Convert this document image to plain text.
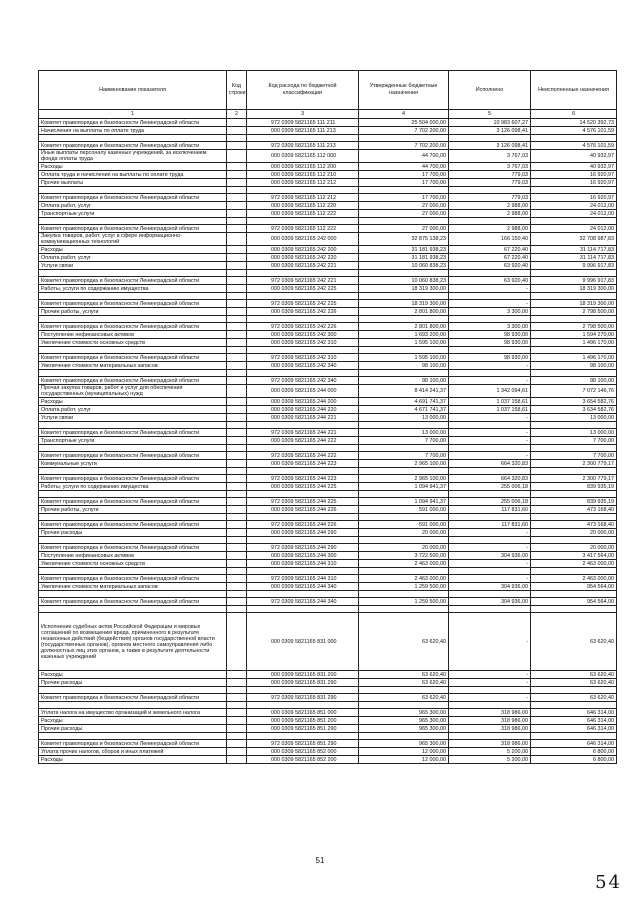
Наименование показателя	Код строки	Код расхода по бюджетной классификации	Утвержденные бюджетные назначения	Исполнено	Неисполненные назначения
1	2	3	4	5	6
Комитет правопорядка и безопасности Ленинградской области		972 0309 5821165 111 211	25 504 000,00	10 983 607,27	14 520 392,73
Начисления на выплаты по оплате труда		000 0309 5821165 111 213	7 702 200,00	3 126 098,41	4 576 101,59

Комитет правопорядка и безопасности Ленинградской области		972 0309 5821165 111 213	7 702 200,00	3 126 098,41	4 576 101,59
Иные выплаты персоналу казенных учреждений, за исключением фонда оплаты труда		000 0309 5821165 112 000	44 700,00	3 767,03	40 932,97
Расходы		000 0309 5821165 112 200	44 700,00	3 767,03	40 932,97
Оплата труда и начисления на выплаты по оплате труда		000 0309 5821165 112 210	17 700,00	779,03	16 920,97
Прочие выплаты		000 0309 5821165 112 212	17 700,00	779,03	16 920,97

Комитет правопорядка и безопасности Ленинградской области		972 0309 5821165 112 212	17 700,00	779,03	16 920,97
Оплата работ, услуг		000 0309 5821165 112 220	27 000,00	2 988,00	24 012,00
Транспортные услуги		000 0309 5821165 112 222	27 000,00	2 988,00	24 012,00

Комитет правопорядка и безопасности Ленинградской области		972 0309 5821165 112 222	27 000,00	2 988,00	24 012,00
Закупка товаров, работ, услуг в сфере информационно-коммуникационных технологий		000 0309 5821165 242 000	32 875 138,23	166 150,40	32 708 987,83
Расходы		000 0309 5821165 242 200	31 181 938,23	67 220,40	31 114 717,83
Оплата работ, услуг		000 0309 5821165 242 220	31 181 938,23	67 220,40	31 114 717,83
Услуги связи		000 0309 5821165 242 221	10 060 838,23	63 920,40	9 996 917,83

Комитет правопорядка и безопасности Ленинградской области		972 0309 5821165 242 221	10 060 838,23	63 920,40	9 996 917,83
Работы, услуги по содержанию имущества		000 0309 5821165 242 225	18 319 300,00	-	18 319 300,00

Комитет правопорядка и безопасности Ленинградской области		972 0309 5821165 242 225	18 319 300,00	-	18 319 300,00
Прочие работы, услуги		000 0309 5821165 242 226	2 801 800,00	3 300,00	2 798 500,00

Комитет правопорядка и безопасности Ленинградской области		972 0309 5821165 242 226	2 801 800,00	3 300,00	2 798 500,00
Поступление нефинансовых активов		000 0309 5821165 242 300	1 693 200,00	98 930,00	1 594 270,00
Увеличение стоимости основных средств		000 0309 5821165 242 310	1 595 100,00	98 930,00	1 496 170,00

Комитет правопорядка и безопасности Ленинградской области		972 0309 5821165 242 310	1 595 100,00	98 930,00	1 496 170,00
Увеличение стоимости материальных запасов		000 0309 5821165 242 340	98 100,00	-	98 100,00

Комитет правопорядка и безопасности Ленинградской области		972 0309 5821165 242 340	98 100,00	-	98 100,00
Прочая закупка товаров, работ и услуг для обеспечения государственных (муниципальных) нужд		000 0309 5821165 244 000	8 414 241,37	1 342 094,61	7 072 146,76
Расходы		000 0309 5821165 244 200	4 691 741,37	1 037 158,61	3 654 582,76
Оплата работ, услуг		000 0309 5821165 244 220	4 671 741,37	1 037 158,61	3 634 582,76
Услуги связи		000 0309 5821165 244 221	13 000,00	-	13 000,00

Комитет правопорядка и безопасности Ленинградской области		972 0309 5821165 244 221	13 000,00	-	13 000,00
Транспортные услуги		000 0309 5821165 244 222	7 700,00	-	7 700,00

Комитет правопорядка и безопасности Ленинградской области		972 0309 5821165 244 222	7 700,00	-	7 700,00
Коммунальные услуги		000 0309 5821165 244 223	2 965 100,00	664 320,83	2 300 779,17

Комитет правопорядка и безопасности Ленинградской области		972 0309 5821165 244 223	2 965 100,00	664 320,83	2 300 779,17
Работы, услуги по содержанию имущества		000 0309 5821165 244 225	1 094 941,37	255 006,18	839 935,19

Комитет правопорядка и безопасности Ленинградской области		972 0309 5821165 244 225	1 094 941,37	255 006,18	839 935,19
Прочие работы, услуги		000 0309 5821165 244 226	591 000,00	117 831,60	473 168,40

Комитет правопорядка и безопасности Ленинградской области		972 0309 5821165 244 226	591 000,00	117 831,60	473 168,40
Прочие расходы		000 0309 5821165 244 290	20 000,00	-	20 000,00

Комитет правопорядка и безопасности Ленинградской области		972 0309 5821165 244 290	20 000,00	-	20 000,00
Поступление нефинансовых активов		000 0309 5821165 244 300	3 722 500,00	304 936,00	3 417 564,00
Увеличение стоимости основных средств		000 0309 5821165 244 310	2 463 000,00	-	2 463 000,00

Комитет правопорядка и безопасности Ленинградской области		972 0309 5821165 244 310	2 463 000,00	-	2 463 000,00
Увеличение стоимости материальных запасов		000 0309 5821165 244 340	1 259 500,00	304 936,00	954 564,00

Комитет правопорядка и безопасности Ленинградской области		972 0309 5821165 244 340	1 259 500,00	304 936,00	954 564,00

Исполнение судебных актов Российской Федерации и мировых соглашений по возмещению вреда, причиненного в результате незаконных действий (бездействия) органов государственной власти (государственных органов), органов местного самоуправления либо должностных лиц этих органов, а также в результате деятельности казенных учреждений		000 0309 5821165 831 000	63 620,40	-	63 620,40
Расходы		000 0309 5821165 831 200	63 620,40	-	63 620,40
Прочие расходы		000 0309 5821165 831 290	63 620,40	-	63 620,40

Комитет правопорядка и безопасности Ленинградской области		972 0309 5821165 831 290	63 620,40	-	63 620,40

Уплата налога на имущество организаций и земельного налога		000 0309 5821165 851 000	965 300,00	318 986,00	646 314,00
Расходы		000 0309 5821165 851 200	965 300,00	318 986,00	646 314,00
Прочие расходы		000 0309 5821165 851 290	965 300,00	318 986,00	646 314,00

Комитет правопорядка и безопасности Ленинградской области		972 0309 5821165 851 290	965 300,00	318 986,00	646 314,00
Уплата прочих налогов, сборов и иных платежей		000 0309 5821165 852 000	12 000,00	5 200,00	6 800,00
Расходы		000 0309 5821165 852 200	12 000,00	5 200,00	6 800,00
51
54
